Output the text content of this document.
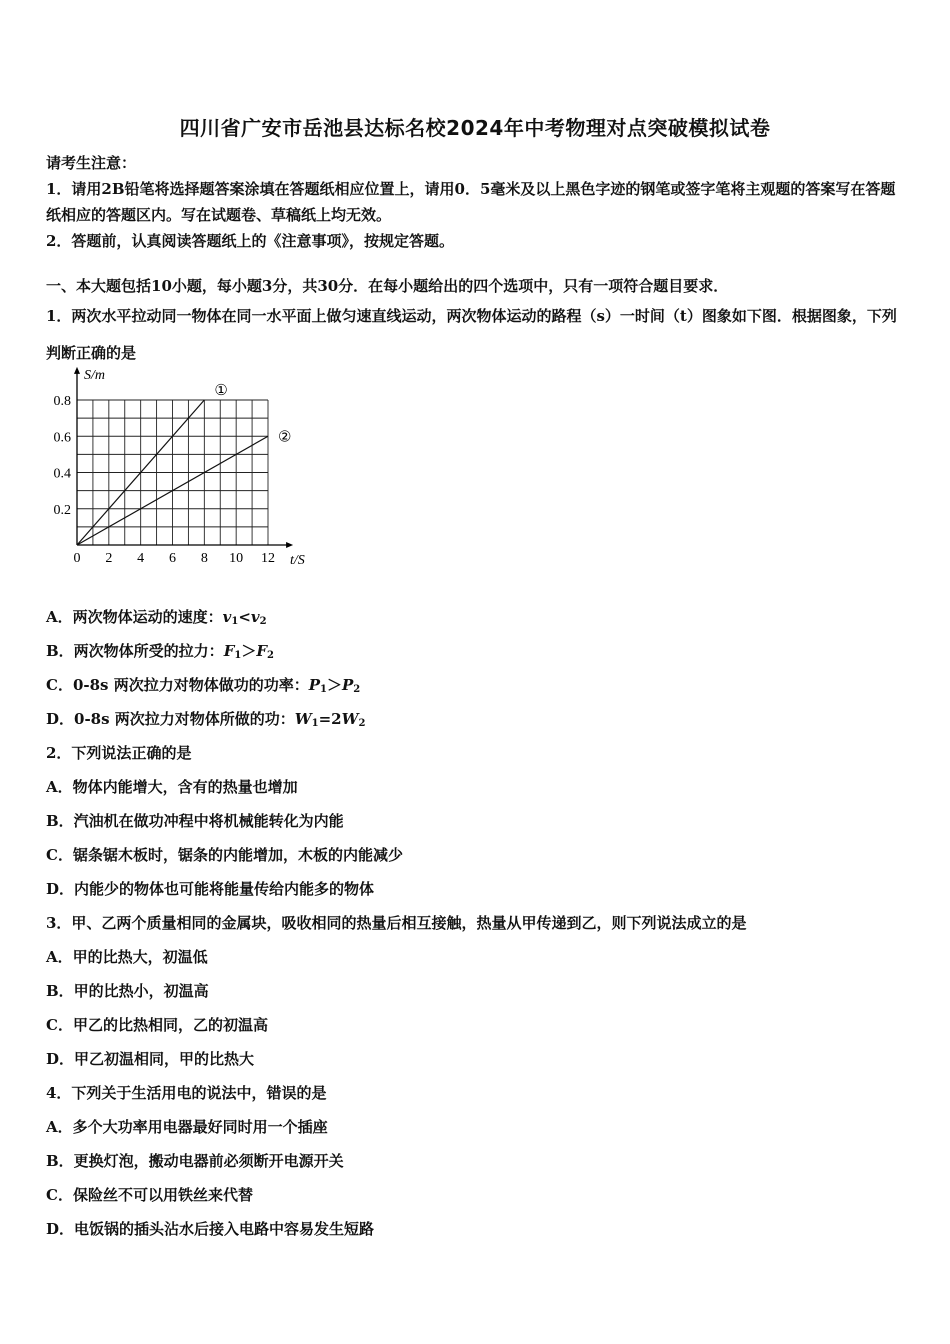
四川省广安市岳池县达标名校2024年中考物理对点突破模拟试卷
请考生注意：
1．请用2B铅笔将选择题答案涂填在答题纸相应位置上，请用0．5毫米及以上黑色字迹的钢笔或签字笔将主观题的答案写在答题纸相应的答题区内。写在试题卷、草稿纸上均无效。
2．答题前，认真阅读答题纸上的《注意事项》，按规定答题。
一、本大题包括10小题，每小题3分，共30分．在每小题给出的四个选项中，只有一项符合题目要求．
1．两次水平拉动同一物体在同一水平面上做匀速直线运动，两次物体运动的路程（s）一时间（t）图象如下图．根据图象，下列判断正确的是
S/m
t/S
0 2 4 6 8 10 12
0.2
0.4
0.6
0.8
①
②
A．两次物体运动的速度：$v_1<v_2$
B．两次物体所受的拉力：$F_1>F_2$
C．0-8s 两次拉力对物体做功的功率：$P_1>P_2$
D．0-8s 两次拉力对物体所做的功：$W_1=2W_2$
2．下列说法正确的是
A．物体内能增大，含有的热量也增加
B．汽油机在做功冲程中将机械能转化为内能
C．锯条锯木板时，锯条的内能增加，木板的内能减少
D．内能少的物体也可能将能量传给内能多的物体
3．甲、乙两个质量相同的金属块，吸收相同的热量后相互接触，热量从甲传递到乙，则下列说法成立的是
A．甲的比热大，初温低
B．甲的比热小，初温高
C．甲乙的比热相同，乙的初温高
D．甲乙初温相同，甲的比热大
4．下列关于生活用电的说法中，错误的是
A．多个大功率用电器最好同时用一个插座
B．更换灯泡，搬动电器前必须断开电源开关
C．保险丝不可以用铁丝来代替
D．电饭锅的插头沾水后接入电路中容易发生短路
